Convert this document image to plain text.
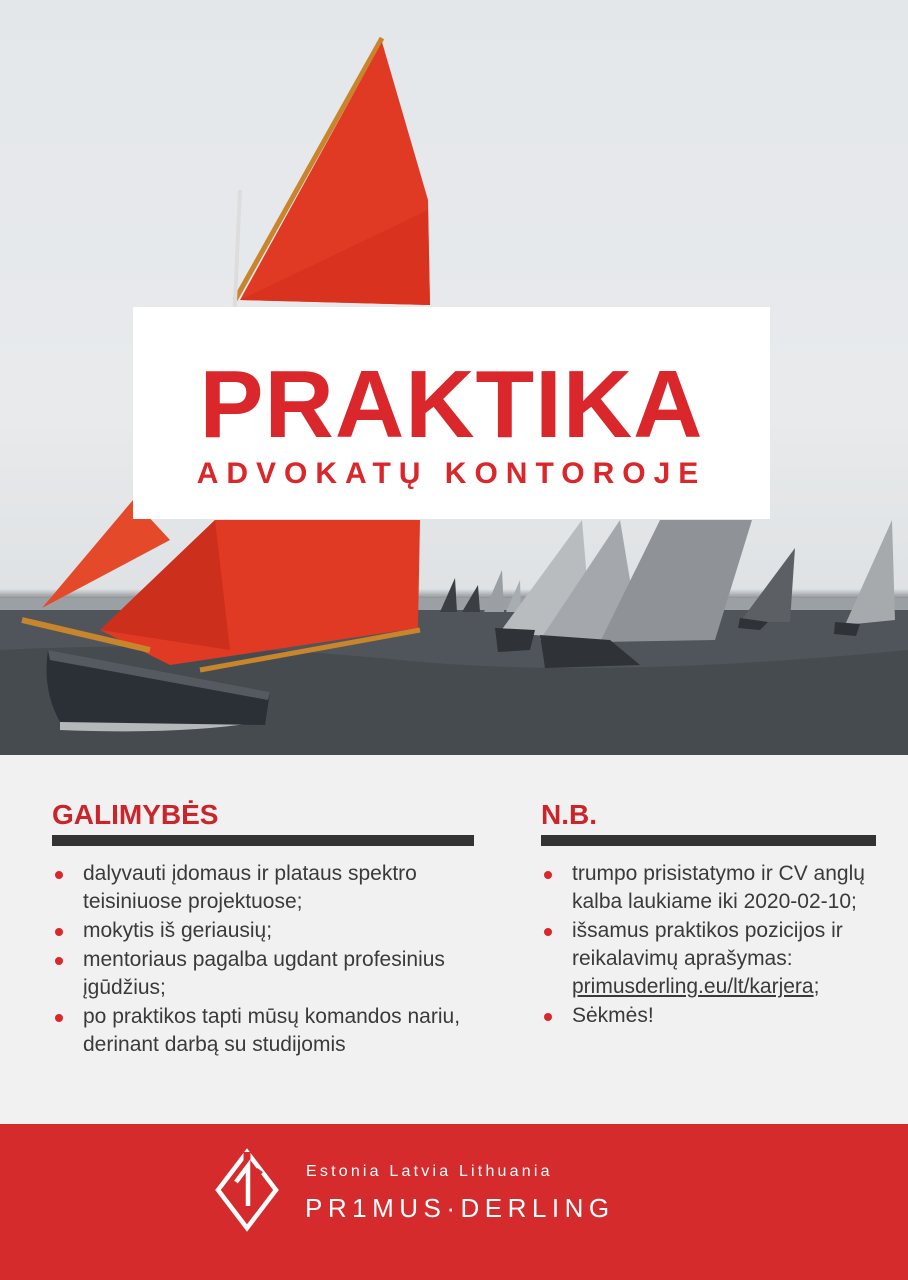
PRAKTIKA
ADVOKATŲ KONTOROJE
GALIMYBĖS
dalyvauti įdomaus ir plataus spektro teisiniuose projektuose;
mokytis iš geriausių;
mentoriaus pagalba ugdant profesinius įgūdžius;
po praktikos tapti mūsų komandos nariu, derinant darbą su studijomis
N.B.
trumpo prisistatymo ir CV anglų kalba laukiame iki 2020-02-10;
išsamus praktikos pozicijos ir reikalavimų aprašymas: primusderling.eu/lt/karjera;
Sėkmės!
Estonia Latvia Lithuania
PR1MUS·DERLING
